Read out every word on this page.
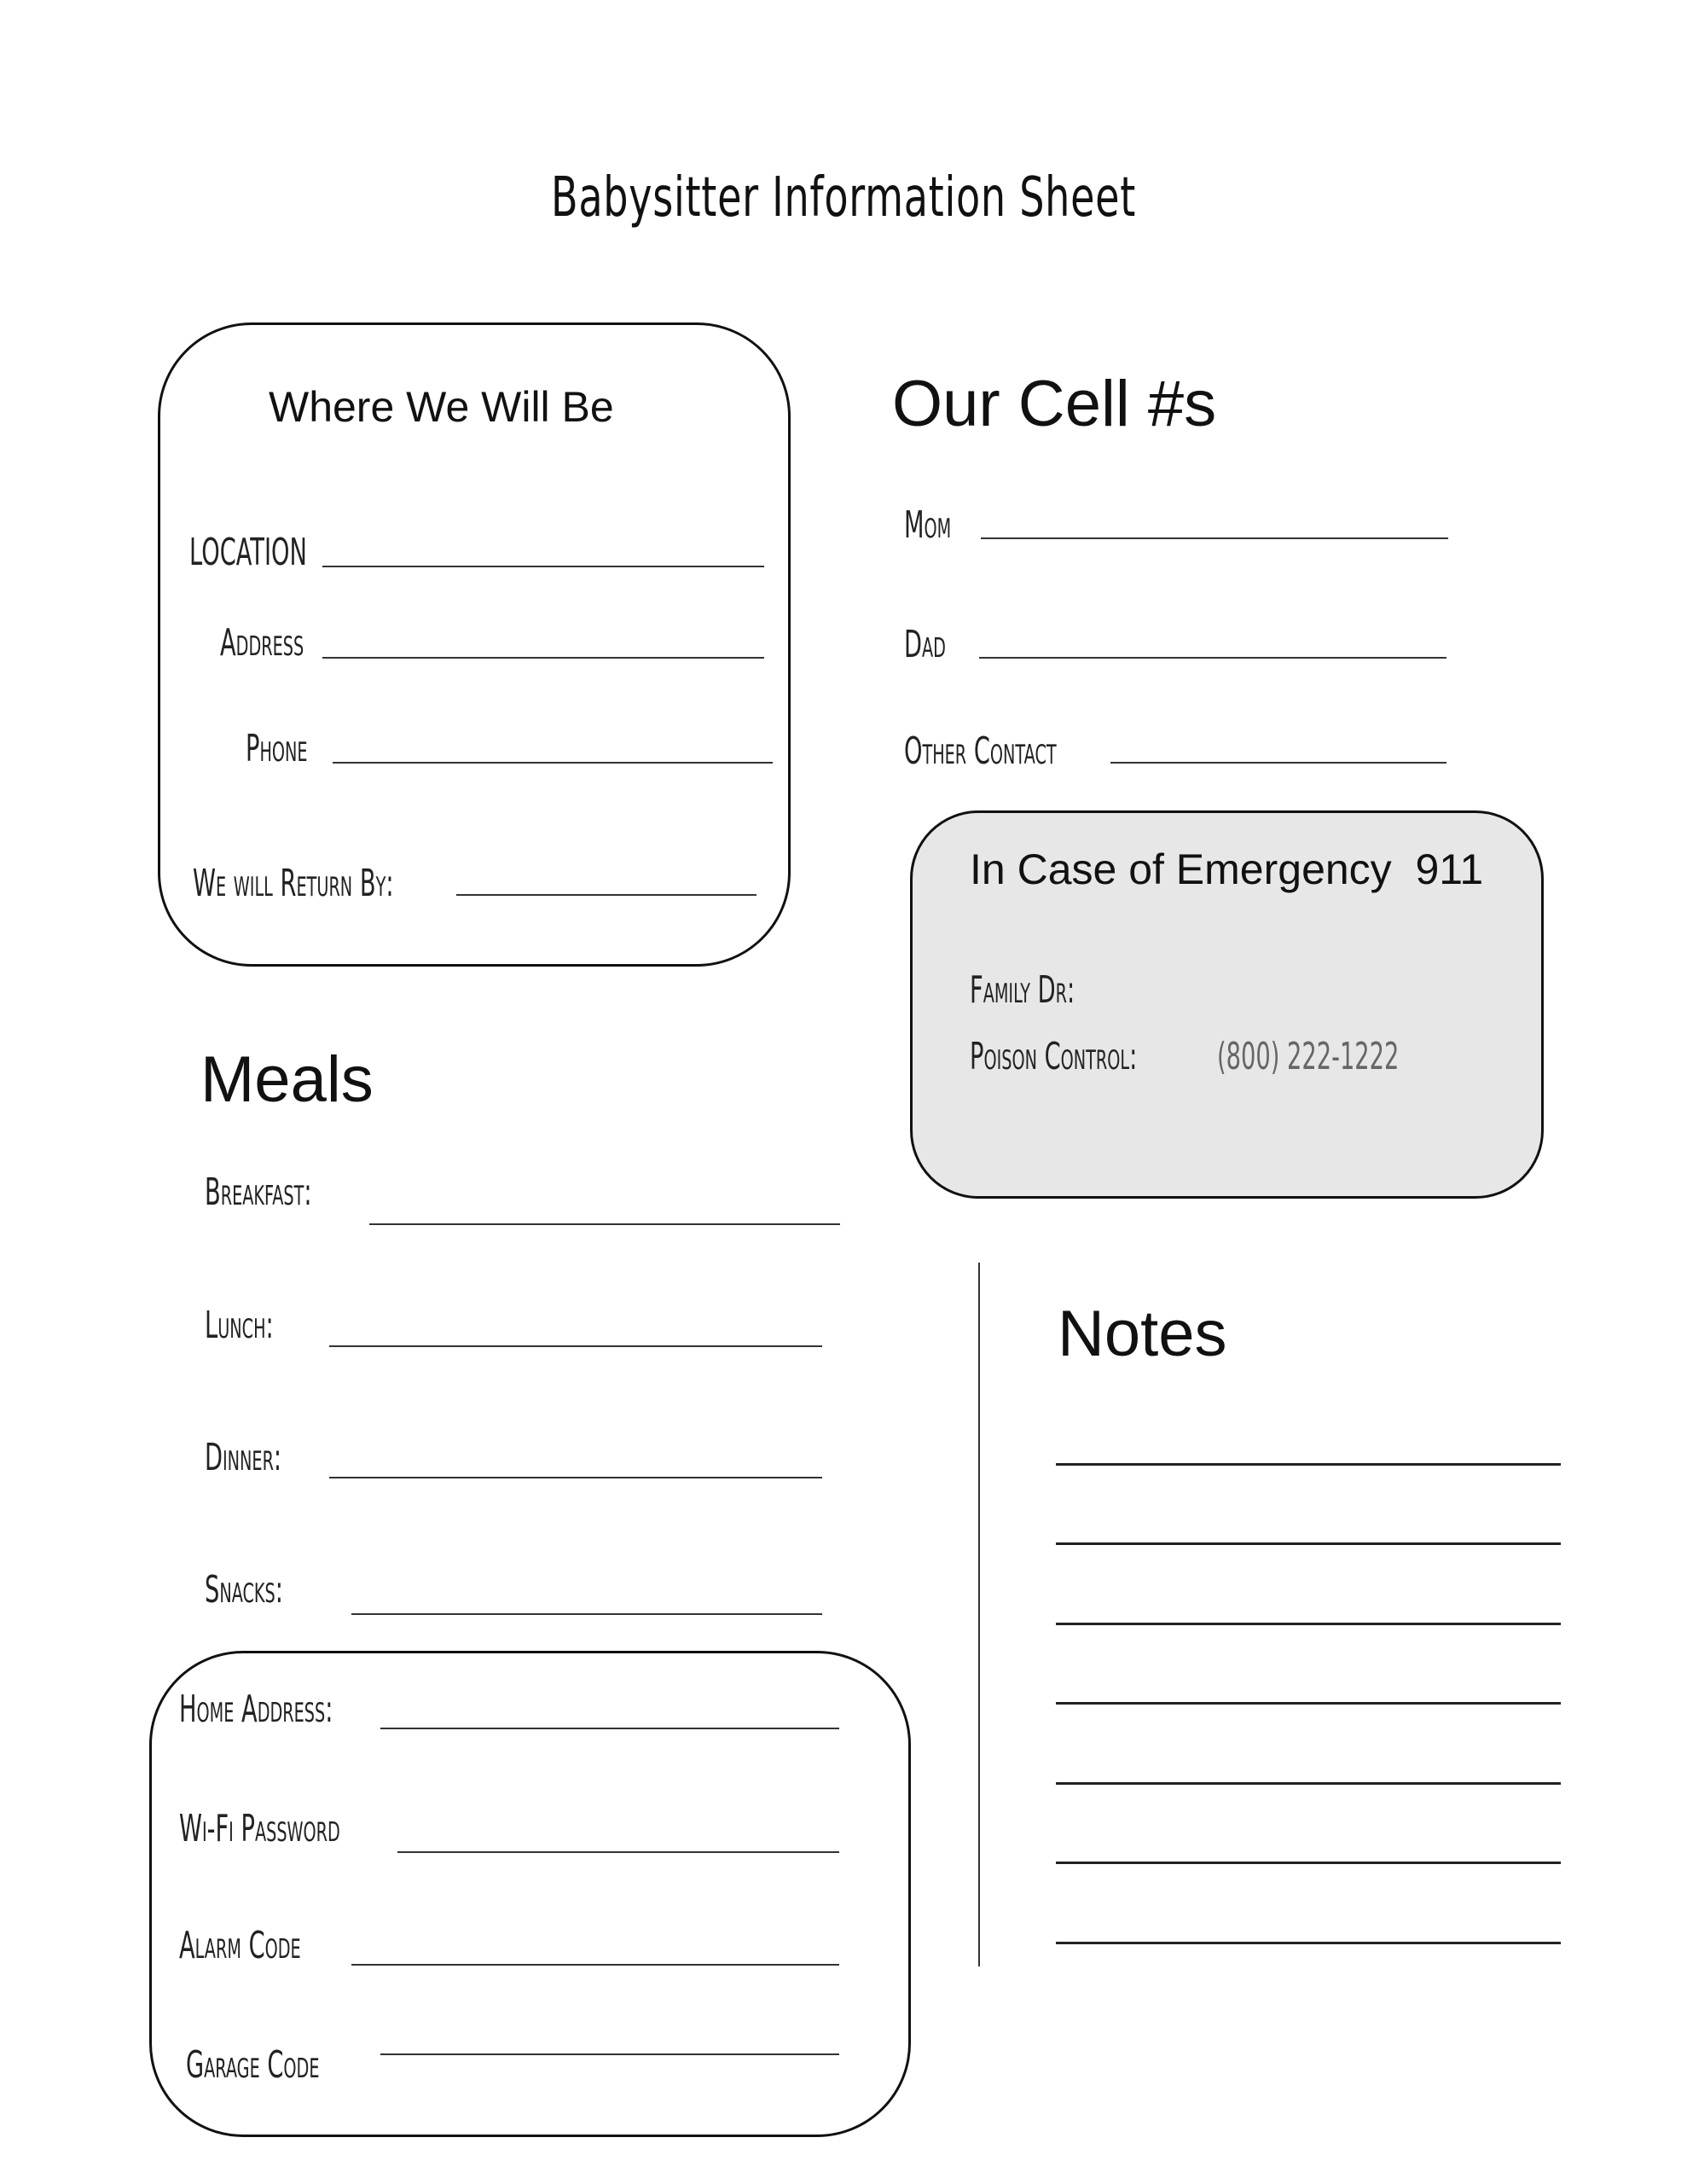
Babysitter Information Sheet
Where We Will Be
LOCATION
Address
Phone
We will Return By:
Our Cell #s
Mom
Dad
Other Contact
In Case of Emergency  911
Family Dr:
Poison Control: (800) 222-1222
Meals
Breakfast:
Lunch:
Dinner:
Snacks:
Home Address:
Wi-Fi Password
Alarm Code
Garage Code
Notes
